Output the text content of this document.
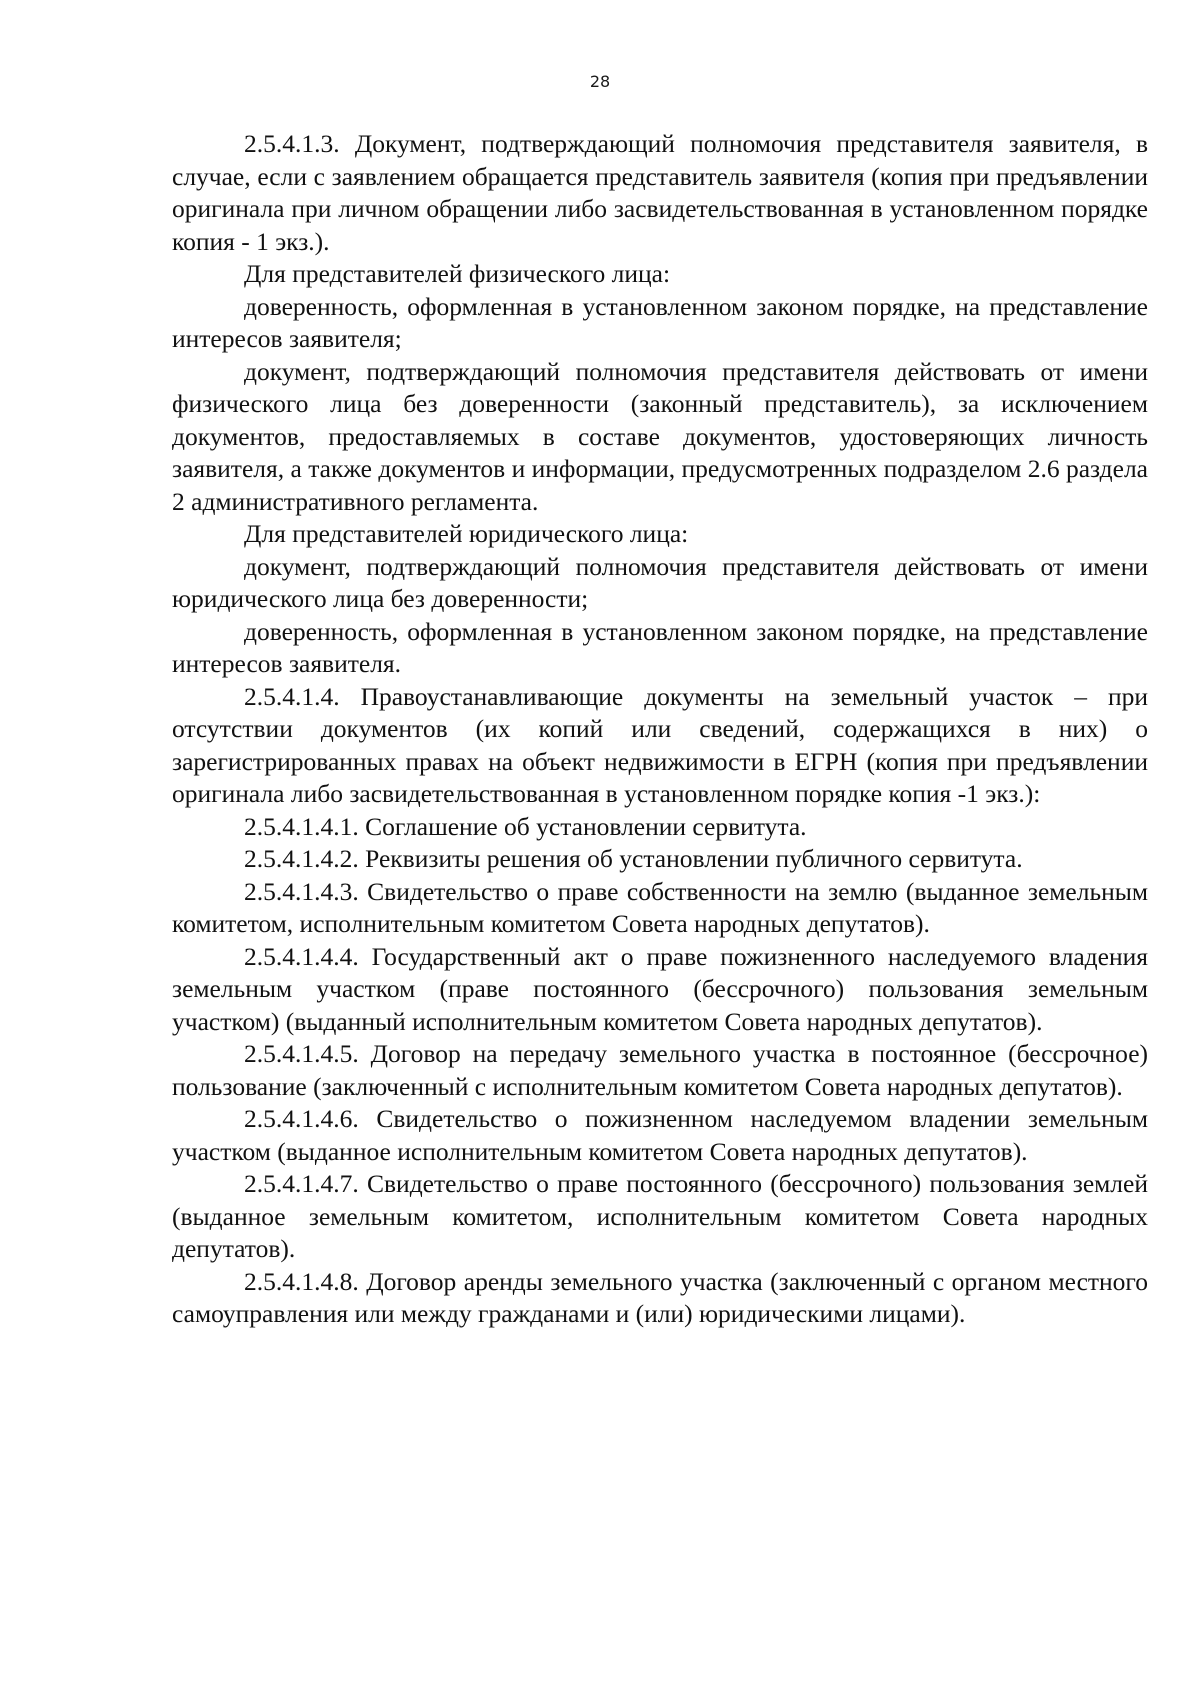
28

2.5.4.1.3. Документ, подтверждающий полномочия представителя заявителя, в случае, если с заявлением обращается представитель заявителя (копия при предъявлении оригинала при личном обращении либо засвидетельствованная в установленном порядке копия - 1 экз.).

Для представителей физического лица:

доверенность, оформленная в установленном законом порядке, на представление интересов заявителя;

документ, подтверждающий полномочия представителя действовать от имени физического лица без доверенности (законный представитель), за исключением документов, предоставляемых в составе документов, удостоверяющих личность заявителя, а также документов и информации, предусмотренных подразделом 2.6 раздела 2 административного регламента.

Для представителей юридического лица:

документ, подтверждающий полномочия представителя действовать от имени юридического лица без доверенности;

доверенность, оформленная в установленном законом порядке, на представление интересов заявителя.

2.5.4.1.4. Правоустанавливающие документы на земельный участок – при отсутствии документов (их копий или сведений, содержащихся в них) о зарегистрированных правах на объект недвижимости в ЕГРН (копия при предъявлении оригинала либо засвидетельствованная в установленном порядке копия -1 экз.):

2.5.4.1.4.1. Соглашение об установлении сервитута.

2.5.4.1.4.2. Реквизиты решения об установлении публичного сервитута.

2.5.4.1.4.3. Свидетельство о праве собственности на землю (выданное земельным комитетом, исполнительным комитетом Совета народных депутатов).

2.5.4.1.4.4. Государственный акт о праве пожизненного наследуемого владения земельным участком (праве постоянного (бессрочного) пользования земельным участком) (выданный исполнительным комитетом Совета народных депутатов).

2.5.4.1.4.5. Договор на передачу земельного участка в постоянное (бессрочное) пользование (заключенный с исполнительным комитетом Совета народных депутатов).

2.5.4.1.4.6. Свидетельство о пожизненном наследуемом владении земельным участком (выданное исполнительным комитетом Совета народных депутатов).

2.5.4.1.4.7. Свидетельство о праве постоянного (бессрочного) пользования землей (выданное земельным комитетом, исполнительным комитетом Совета народных депутатов).

2.5.4.1.4.8. Договор аренды земельного участка (заключенный с органом местного самоуправления или между гражданами и (или) юридическими лицами).
